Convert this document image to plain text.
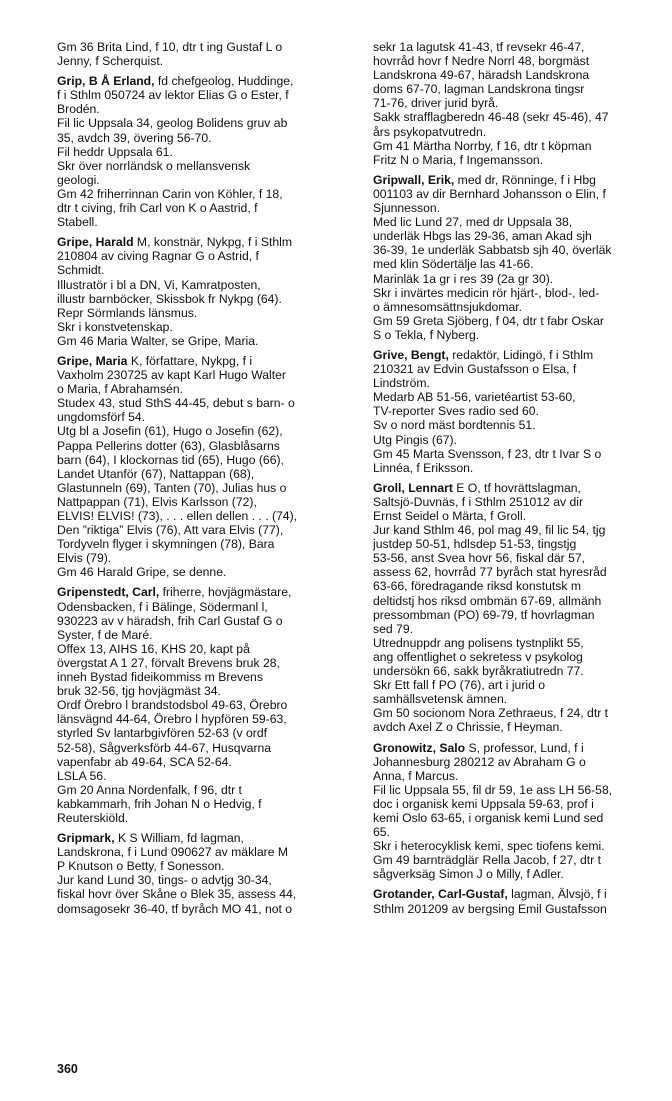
Gm 36 Brita Lind, f 10, dtr t ing Gustaf L o
Jenny, f Scherquist.
Grip, B Å Erland, fd chefgeolog, Huddinge,
f i Sthlm 050724 av lektor Elias G o Ester, f
Brodén.
Fil lic Uppsala 34, geolog Bolidens gruv ab
35, avdch 39, övering 56-70.
Fil heddr Uppsala 61.
Skr över norrländsk o mellansvensk
geologi.
Gm 42 friherrinnan Carin von Köhler, f 18,
dtr t civing, frih Carl von K o Aastrid, f
Stabell.
Gripe, Harald M, konstnär, Nykpg, f i Sthlm
210804 av civing Ragnar G o Astrid, f
Schmidt.
Illustratör i bl a DN, Vi, Kamratposten,
illustr barnböcker, Skissbok fr Nykpg (64).
Repr Sörmlands länsmus.
Skr i konstvetenskap.
Gm 46 Maria Walter, se Gripe, Maria.
Gripe, Maria K, författare, Nykpg, f i
Vaxholm 230725 av kapt Karl Hugo Walter
o Maria, f Abrahamsén.
Studex 43, stud SthS 44-45, debut s barn- o
ungdomsförf 54.
Utg bl a Josefin (61), Hugo o Josefin (62),
Pappa Pellerins dotter (63), Glasblåsarns
barn (64), I klockornas tid (65), Hugo (66),
Landet Utanför (67), Nattappan (68),
Glastunneln (69), Tanten (70), Julias hus o
Nattpappan (71), Elvis Karlsson (72),
ELVIS! ELVIS! (73), . . . ellen dellen . . . (74),
Den ”riktiga” Elvis (76), Att vara Elvis (77),
Tordyveln flyger i skymningen (78), Bara
Elvis (79).
Gm 46 Harald Gripe, se denne.
Gripenstedt, Carl, friherre, hovjägmästare,
Odensbacken, f i Bälinge, Södermanl l,
930223 av v häradsh, frih Carl Gustaf G o
Syster, f de Maré.
Offex 13, AIHS 16, KHS 20, kapt på
övergstat A 1 27, förvalt Brevens bruk 28,
inneh Bystad fideikommiss m Brevens
bruk 32-56, tjg hovjägmäst 34.
Ordf Örebro l brandstodsbol 49-63, Örebro
länsvägnd 44-64, Örebro l hypfören 59-63,
styrled Sv lantarbgivfören 52-63 (v ordf
52-58), Sågverksförb 44-67, Husqvarna
vapenfabr ab 49-64, SCA 52-64.
LSLA 56.
Gm 20 Anna Nordenfalk, f 96, dtr t
kabkammarh, frih Johan N o Hedvig, f
Reuterskiöld.
Gripmark, K S William, fd lagman,
Landskrona, f i Lund 090627 av mäklare M
P Knutson o Betty, f Sonesson.
Jur kand Lund 30, tings- o advtjg 30-34,
fiskal hovr över Skåne o Blek 35, assess 44,
domsagosekr 36-40, tf byråch MO 41, not o
sekr 1a lagutsk 41-43, tf revsekr 46-47,
hovrråd hovr f Nedre Norrl 48, borgmäst
Landskrona 49-67, häradsh Landskrona
doms 67-70, lagman Landskrona tingsr
71-76, driver jurid byrå.
Sakk strafflagberedn 46-48 (sekr 45-46), 47
års psykopatvutredn.
Gm 41 Märtha Norrby, f 16, dtr t köpman
Fritz N o Maria, f Ingemansson.
Gripwall, Erik, med dr, Rönninge, f i Hbg
001103 av dir Bernhard Johansson o Elin, f
Sjunnesson.
Med lic Lund 27, med dr Uppsala 38,
underläk Hbgs las 29-36, aman Akad sjh
36-39, 1e underläk Sabbatsb sjh 40, överläk
med klin Södertälje las 41-66.
Marinläk 1a gr i res 39 (2a gr 30).
Skr i invärtes medicin rör hjärt-, blod-, led-
o ämnesomsättnsjukdomar.
Gm 59 Greta Sjöberg, f 04, dtr t fabr Oskar
S o Tekla, f Nyberg.
Grive, Bengt, redaktör, Lidingö, f i Sthlm
210321 av Edvin Gustafsson o Elsa, f
Lindström.
Medarb AB 51-56, varietéartist 53-60,
TV-reporter Sves radio sed 60.
Sv o nord mäst bordtennis 51.
Utg Pingis (67).
Gm 45 Marta Svensson, f 23, dtr t Ivar S o
Linnéa, f Eriksson.
Groll, Lennart E O, tf hovrättslagman,
Saltsjö-Duvnäs, f i Sthlm 251012 av dir
Ernst Seidel o Märta, f Groll.
Jur kand Sthlm 46, pol mag 49, fil lic 54, tjg
justdep 50-51, hdlsdep 51-53, tingstjg
53-56, anst Svea hovr 56, fiskal där 57,
assess 62, hovrråd 77 byråch stat hyresråd
63-66, föredragande riksd konstutsk m
deltidstj hos riksd ombmän 67-69, allmänh
pressombman (PO) 69-79, tf hovrlagman
sed 79.
Utrednuppdr ang polisens tystnplikt 55,
ang offentlighet o sekretess v psykolog
undersökn 66, sakk byråkratiutredn 77.
Skr Ett fall f PO (76), art i jurid o
samhällsvetensk ämnen.
Gm 50 socionom Nora Zethraeus, f 24, dtr t
avdch Axel Z o Chrissie, f Heyman.
Gronowitz, Salo S, professor, Lund, f i
Johannesburg 280212 av Abraham G o
Anna, f Marcus.
Fil lic Uppsala 55, fil dr 59, 1e ass LH 56-58,
doc i organisk kemi Uppsala 59-63, prof i
kemi Oslo 63-65, i organisk kemi Lund sed
65.
Skr i heterocyklisk kemi, spec tiofens kemi.
Gm 49 barnträdgläг Rella Jacob, f 27, dtr t
sågverksäg Simon J o Milly, f Adler.
Grotander, Carl-Gustaf, lagman, Älvsjö, f i
Sthlm 201209 av bergsing Emil Gustafsson
360
